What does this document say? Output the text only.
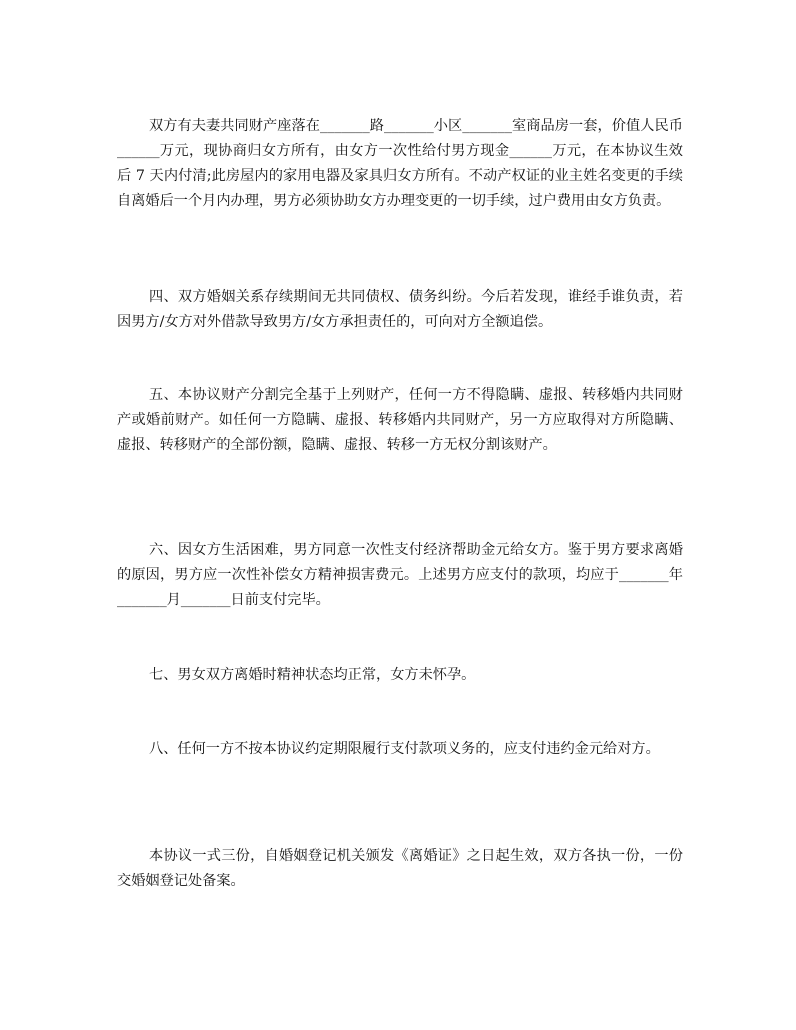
双方有夫妻共同财产座落在_______路_______小区_______室商品房一套，价值人民币______万元，现协商归女方所有，由女方一次性给付男方现金______万元，在本协议生效后 7 天内付清;此房屋内的家用电器及家具归女方所有。不动产权证的业主姓名变更的手续自离婚后一个月内办理，男方必须协助女方办理变更的一切手续，过户费用由女方负责。

四、双方婚姻关系存续期间无共同债权、债务纠纷。今后若发现，谁经手谁负责，若因男方/女方对外借款导致男方/女方承担责任的，可向对方全额追偿。

五、本协议财产分割完全基于上列财产，任何一方不得隐瞒、虚报、转移婚内共同财产或婚前财产。如任何一方隐瞒、虚报、转移婚内共同财产，另一方应取得对方所隐瞒、虚报、转移财产的全部份额，隐瞒、虚报、转移一方无权分割该财产。

六、因女方生活困难，男方同意一次性支付经济帮助金元给女方。鉴于男方要求离婚的原因，男方应一次性补偿女方精神损害费元。上述男方应支付的款项，均应于_______年_______月_______日前支付完毕。

七、男女双方离婚时精神状态均正常，女方未怀孕。

八、任何一方不按本协议约定期限履行支付款项义务的，应支付违约金元给对方。

本协议一式三份，自婚姻登记机关颁发《离婚证》之日起生效，双方各执一份，一份交婚姻登记处备案。
